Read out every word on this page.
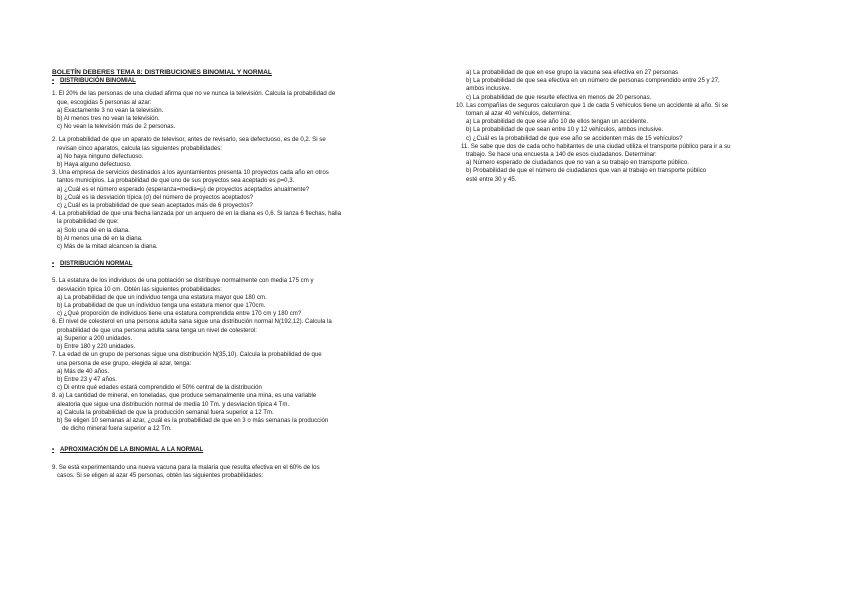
BOLETÍN DEBERES TEMA 8: DISTRIBUCIONES BINOMIAL Y NORMAL

• DISTRIBUCIÓN BINOMIAL

1. El 20% de las personas de una ciudad afirma que no ve nunca la televisión. Calcula la probabilidad de

que, escogidas 5 personas al azar:

a) Exactamente 3 no vean la televisión.

b) Al menos tres no vean la televisión.

c) No vean la televisión más de 2 personas.

2. La probabilidad de que un aparato de televisor, antes de revisarlo, sea defectuoso, es de 0,2. Si se

revisan cinco aparatos, calcula las siguientes probabilidades:

a) No haya ninguno defectuoso.

b) Haya alguno defectuoso.

3. Una empresa de servicios destinados a los ayuntamientos presenta 10 proyectos cada año en otros

tantos municipios. La probabilidad de que uno de sus proyectos sea aceptado es p=0,3.

a) ¿Cuál es el número esperado (esperanza=media=μ) de proyectos aceptados anualmente?

b) ¿Cuál es la desviación típica (σ) del número de proyectos aceptados?

c) ¿Cuál es la probabilidad de que sean aceptados más de 6 proyectos?

4. La probabilidad de que una flecha lanzada por un arquero de en la diana es 0,6. Si lanza 6 flechas, halla

la probabilidad de que:

a) Solo una dé en la diana.

b) Al menos una dé en la diana.

c) Más de la mitad alcancen la diana.

• DISTRIBUCIÓN NORMAL

5. La estatura de los individuos de una población se distribuye normalmente con media 175 cm y

desviación típica 10 cm. Obtén las siguientes probabilidades:

a) La probabilidad de que un individuo tenga una estatura mayor que 180 cm.

b) La probabilidad de que un individuo tenga una estatura menor que 170cm.

c) ¿Qué proporción de individuos tiene una estatura comprendida entre 170 cm y 180 cm?

6. El nivel de colesterol en una persona adulta sana sigue una distribución normal N(192,12). Calcula la

probabilidad de que una persona adulta sana tenga un nivel de colesterol:

a) Superior a 200 unidades.

b) Entre 180 y 220 unidades.

7. La edad de un grupo de personas sigue una distribución N(35,10). Calcula la probabilidad de que

una persona de ese grupo, elegida al azar, tenga:

a) Más de 40 años.

b) Entre 23 y 47 años.

c) Di entre qué edades estará comprendido el 50% central de la distribución

8. a) La cantidad de mineral, en toneladas, que produce semanalmente una mina, es una variable

aleatoria que sigue una distribución normal de media 10 Tm. y desviación típica 4 Tm.

a) Calcula la probabilidad de que la producción semanal fuera superior a 12 Tm.

b) Se eligen 10 semanas al azar, ¿cuál es la probabilidad de que en 3 o más semanas la producción

de dicho mineral fuera superior a 12 Tm.

• APROXIMACIÓN DE LA BINOMIAL A LA NORMAL

9. Se está experimentando una nueva vacuna para la malaria que resulta efectiva en el 60% de los

casos. Si se eligen al azar 45 personas, obtén las siguientes probabilidades:

a) La probabilidad de que en ese grupo la vacuna sea efectiva en 27 personas

b) La probabilidad de que sea efectiva en un número de personas comprendido entre 25 y 27,

ambos inclusive.

c) La probabilidad de que resulte efectiva en menos de 20 personas.

10. Las compañías de seguros calcularon que 1 de cada 5 vehículos tiene un accidente al año. Si se

toman al azar 40 vehículos, determina:

a) La probabilidad de que ese año 10 de ellos tengan un accidente.

b) La probabilidad de que sean entre 10 y 12 vehículos, ambos inclusive.

c) ¿Cuál es la probabilidad de que ese año se accidenten más de 15 vehículos?

11. Se sabe que dos de cada ocho habitantes de una ciudad utiliza el transporte público para ir a su

trabajo. Se hace una encuesta a 140 de esos ciudadanos. Determinar:

a) Número esperado de ciudadanos que no van a su trabajo en transporte público.

b) Probabilidad de que el número de ciudadanos que van al trabajo en transporte público

esté entre 30 y 45.
